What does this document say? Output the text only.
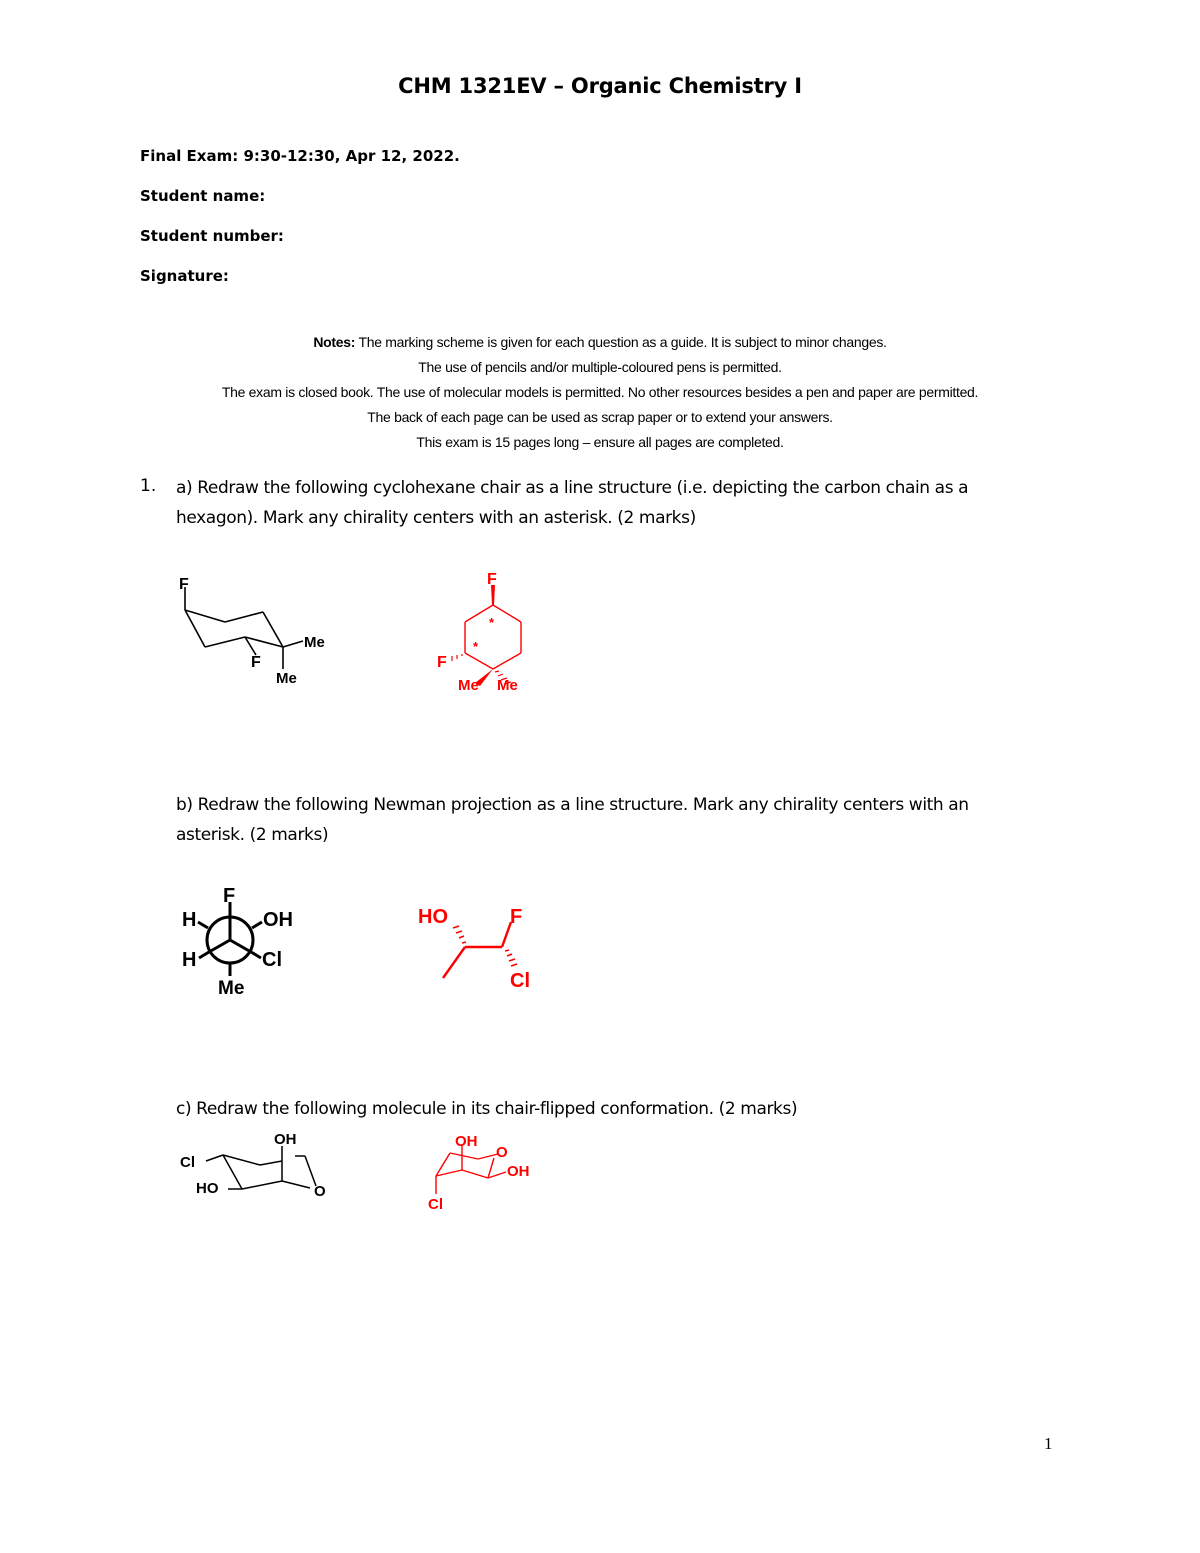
CHM 1321EV – Organic Chemistry I
Final Exam: 9:30-12:30, Apr 12, 2022.
Student name:
Student number:
Signature:
Notes: The marking scheme is given for each question as a guide. It is subject to minor changes.
The use of pencils and/or multiple-coloured pens is permitted.
The exam is closed book. The use of molecular models is permitted. No other resources besides a pen and paper are permitted.
The back of each page can be used as scrap paper or to extend your answers.
This exam is 15 pages long – ensure all pages are completed.
1. a) Redraw the following cyclohexane chair as a line structure (i.e. depicting the carbon chain as a
hexagon). Mark any chirality centers with an asterisk. (2 marks)
F
F
Me
Me
F
F
Me Me
*
*
b) Redraw the following Newman projection as a line structure. Mark any chirality centers with an
asterisk. (2 marks)
F
H	OH
H	Cl
Me
HO	F
Cl
c) Redraw the following molecule in its chair-flipped conformation. (2 marks)
OH
Cl
HO	O
OH
O
OH
Cl
1
